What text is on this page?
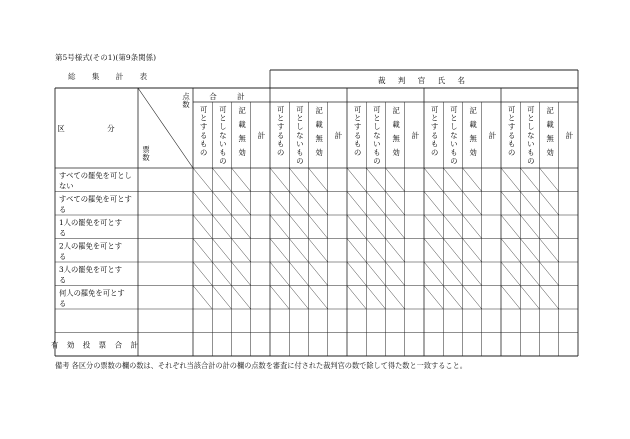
第5号様式(その1)(第9条関係)
総 集 計 表	裁 判 官 氏 名
区 分
点
数
票
数
合 計
可
と
す
る
も
の
可
と
し
な
い
も
の
記
載
無
効
計
可
と
す
る
も
の
可
と
し
な
い
も
の
記
載
無
効
計
可
と
す
る
も
の
可
と
し
な
い
も
の
記
載
無
効
計
可
と
す
る
も
の
可
と
し
な
い
も
の
記
載
無
効
計
可
と
す
る
も
の
可
と
し
な
い
も
の
記
載
無
効
計
すべての罷免を可とし
ない
すべての罷免を可とす
る
1人の罷免を可とす
る
2人の罷免を可とす
る
3人の罷免を可とす
る
何人の罷免を可とす
る
有 効 投 票 合 計
備考 各区分の票数の欄の数は、それぞれ当該合計の計の欄の点数を審査に付された裁判官の数で除して得た数と一致すること。
